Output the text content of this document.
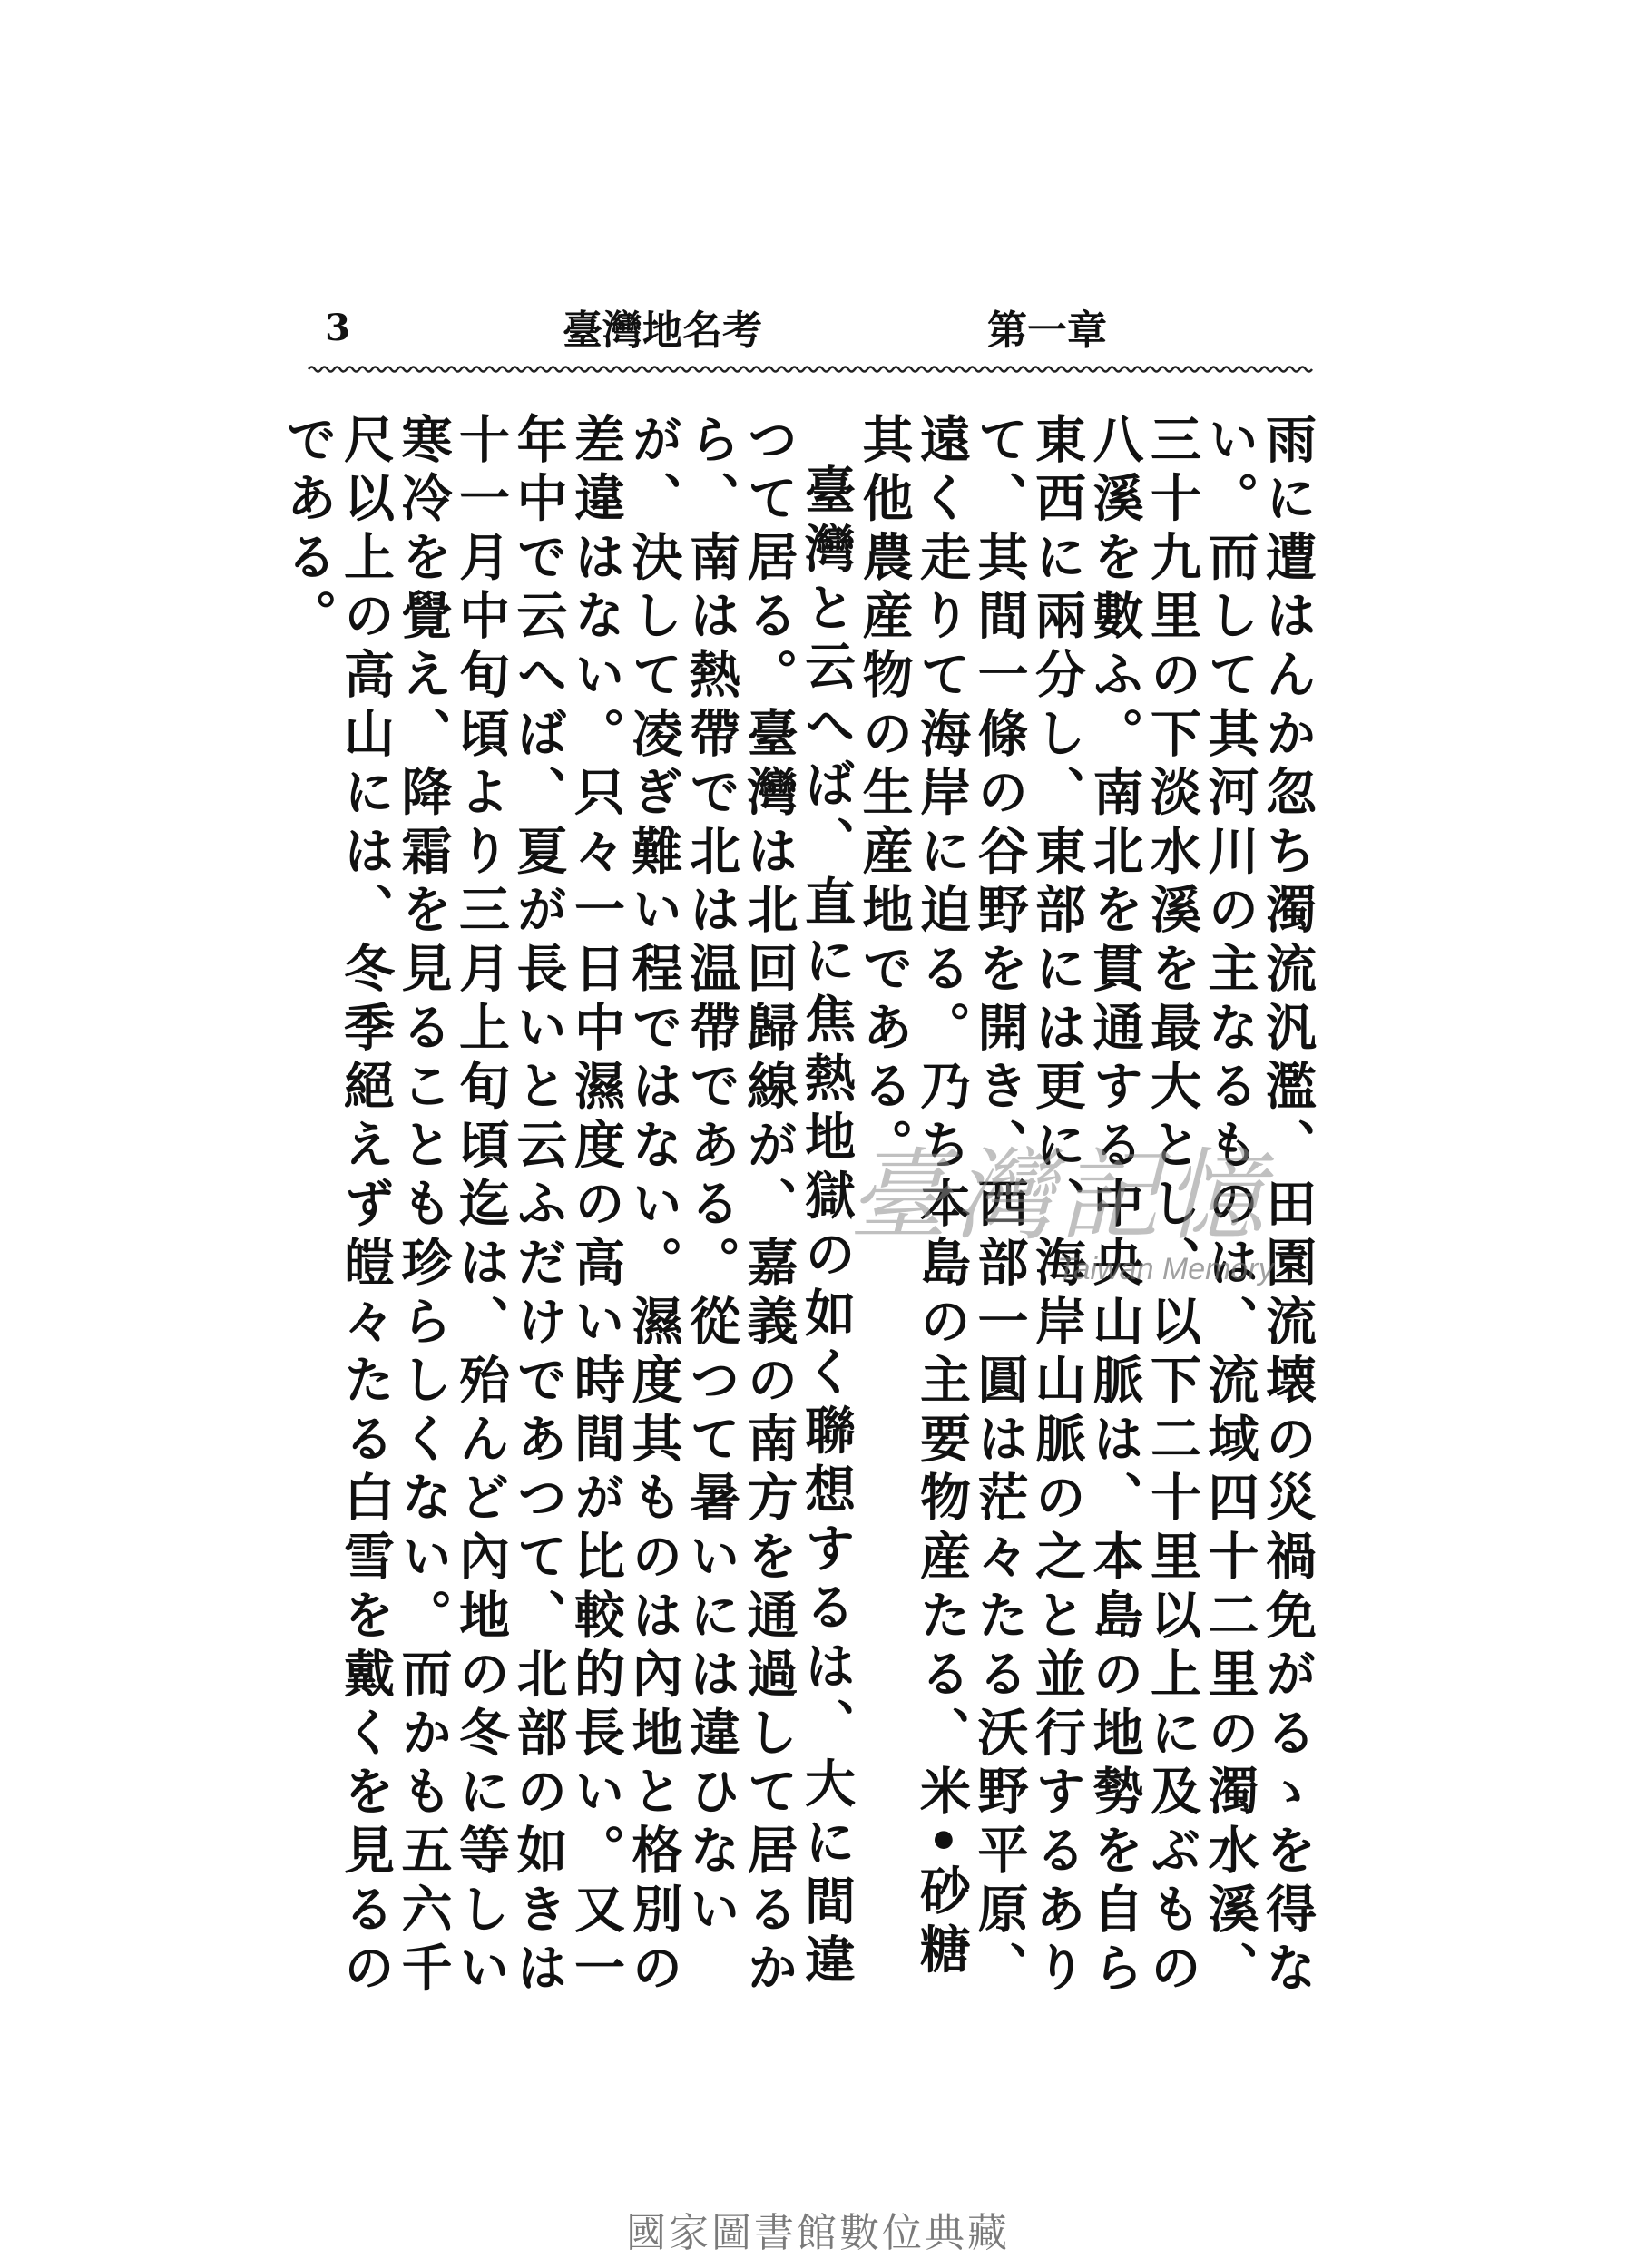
3	第一章
臺灣地名考

雨に遭はんか忽ち濁流汎濫、田園流壊の災禍免がるゝを得ない。而して其河川の主なるものは、流域四十二里の濁水溪、三十九里の下淡水溪を最大とし、以下二十里以上に及ぶもの八溪を數ふ。南北を貫通する中央山脈は、本島の地勢を自ら東西に兩分し、東部には更に、海岸山脈の之と並行するありて、其間一條の谷野を開き、西部一圓は茫々たる沃野平原、遠く走りて海岸に迫る。乃ち本島の主要物産たる、米•砂糖 其他農産物の生産地である。

臺灣と云へば、直に焦熱地獄の如く聯想するは、大に間違つて居る。臺灣は北回歸線が、嘉義の南方を通過して居るから、南は熱帶で北は温帶である。從つて暑いには違ひないが、決して凌ぎ難い程ではない。濕度其ものは內地と格別の差違はない。只々一日中濕度の高い時間が比較的長い。又一年中で云へば、夏が長いと云ふだけであつて、北部の如きは十一月中旬頃より三月上旬頃迄は、殆んど內地の冬に等しい寒冷を覺え、降霜を見ることも珍らしくない。而かも五六千尺以上の高山には、冬季絕えず皚々たる白雪を戴くを見るのである。

臺灣記憶
Taiwan Memory
國家圖書館數位典藏
